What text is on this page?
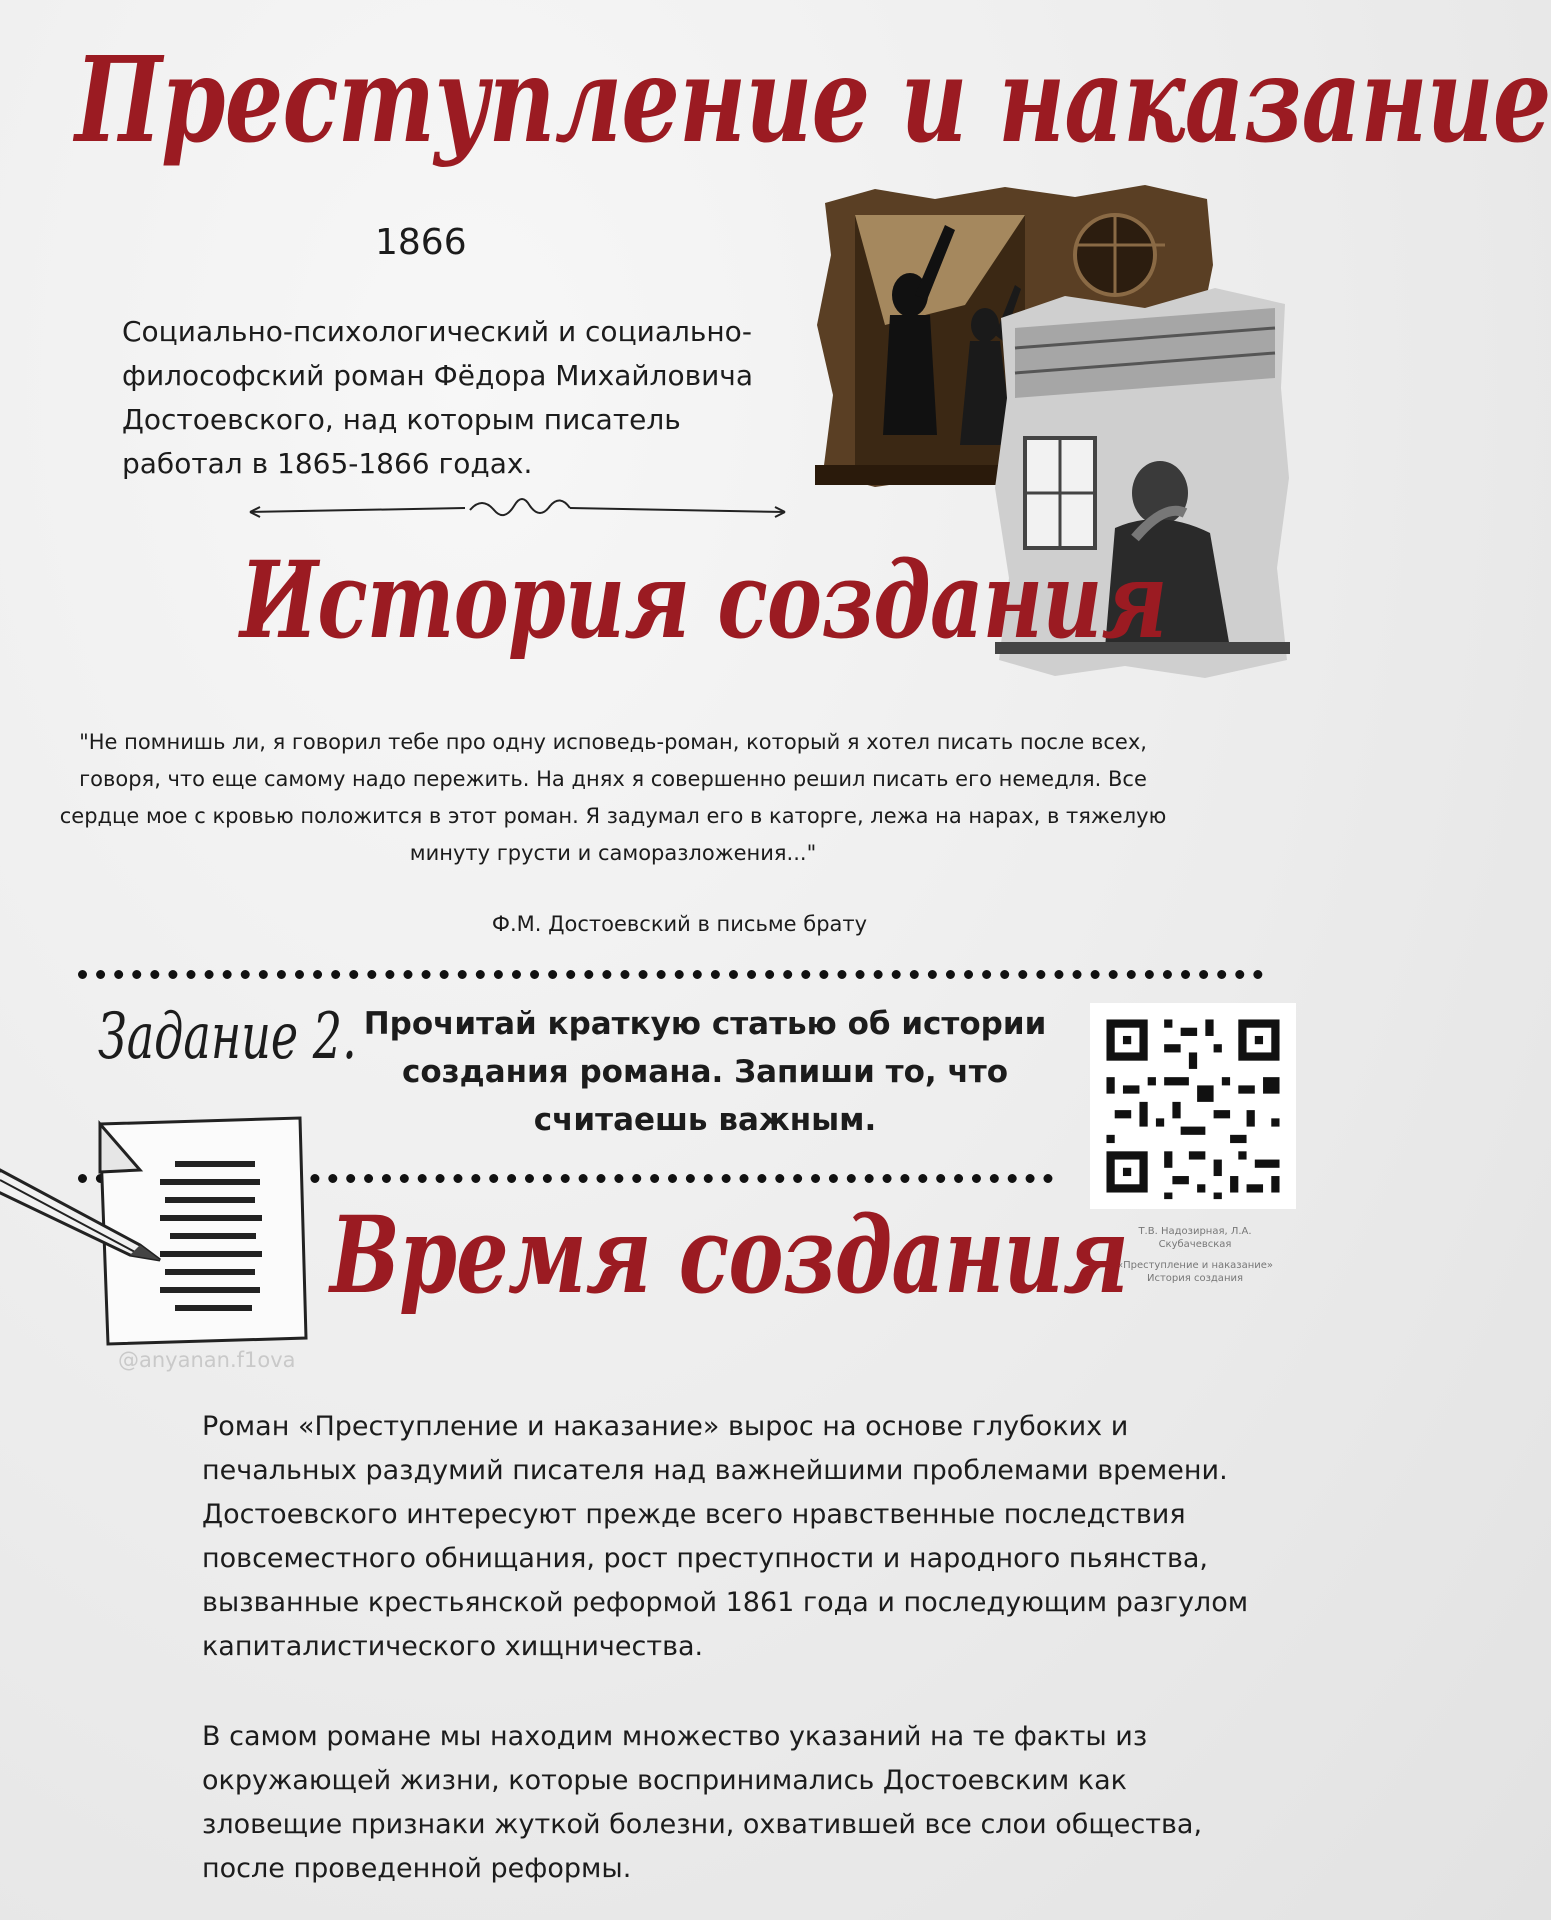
Преступление и наказание
1866
Социально-психологический и социально-философский роман Фёдора Михайловича Достоевского, над которым писатель работал в 1865-1866 годах.
История создания
"Не помнишь ли, я говорил тебе про одну исповедь-роман, который я хотел писать после всех, говоря, что еще самому надо пережить. На днях я совершенно решил писать его немедля. Все сердце мое с кровью положится в этот роман. Я задумал его в каторге, лежа на нарах, в тяжелую минуту грусти и саморазложения..."
Ф.М. Достоевский в письме брату
Задание 2. Прочитай краткую статью об истории создания романа. Запиши то, что считаешь важным.
Т.В. Надозирная, Л.А. Скубачевская
«Преступление и наказание» История создания
@anyanan.f1ova
Время создания
Роман «Преступление и наказание» вырос на основе глубоких и печальных раздумий писателя над важнейшими проблемами времени. Достоевского интересуют прежде всего нравственные последствия повсеместного обнищания, рост преступности и народного пьянства, вызванные крестьянской реформой 1861 года и последующим разгулом капиталистического хищничества.
В самом романе мы находим множество указаний на те факты из окружающей жизни, которые воспринимались Достоевским как зловещие признаки жуткой болезни, охватившей все слои общества, после проведенной реформы.
